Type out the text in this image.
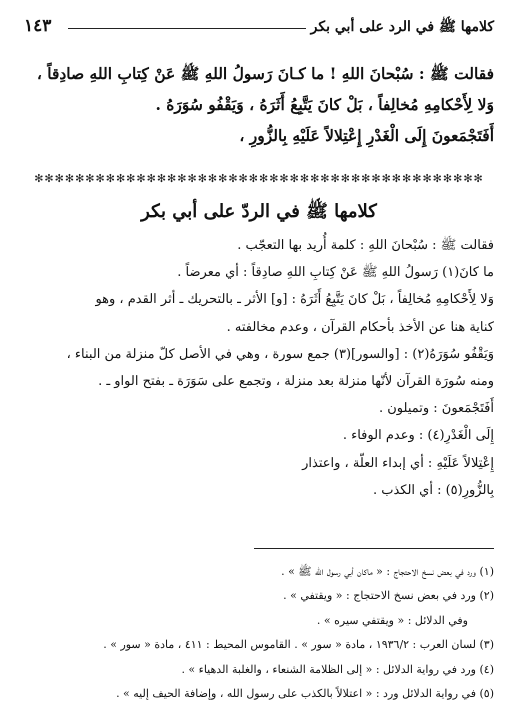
كلامها ﷺ في الرد على أبي بكر
١٤٣
فقالت ﷺ : سُبْحانَ اللهِ ! ما كـانَ رَسولُ اللهِ ﷺ عَنْ كِتابِ اللهِ صادِقاً ،
وَلا لِأَحْكامِهِ مُخالِفاً ، بَلْ كانَ يَتَّبِعُ أَثَرَهُ ، وَيَقْفُو سُوَرَهُ .
أَفَتَجْمَعونَ إِلَى الْغَدْرِ إِعْتِلالاً عَلَيْهِ بِالزُّورِ ،
✻✻✻✻✻✻✻✻✻✻✻✻✻✻✻✻✻✻✻✻✻✻✻✻✻✻✻✻✻✻✻✻✻✻✻✻✻✻✻✻✻✻✻✻
كلامها ﷺ في الردّ على أبي بكر
فقالت ﷺ : سُبْحانَ اللهِ : كلمة أُريد بها التعجّب .
ما كانَ(١) رَسولُ اللهِ ﷺ عَنْ كِتابِ اللهِ صادِقاً : أي معرضاً .
وَلا لِأَحْكامِهِ مُخالِفاً ، بَلْ كانَ يَتَّبِعُ أَثَرَهُ : [و] الأثر ـ بالتحريك ـ أثر القدم ، وهو
كناية هنا عن الأخذ بأحكام القرآن ، وعدم مخالفته .
وَيَقْفُو سُوَرَهُ(٢) : [والسور](٣) جمع سورة ، وهي في الأصل كلّ منزلة من البناء ،
ومنه سُورَة القرآن لأنّها منزلة بعد منزلة ، وتجمع على سَوَرَة ـ بفتح الواو ـ .
أَفَتَجْمَعونَ : وتميلون .
إِلَى الْغَدْرِ(٤) : وعدم الوفاء .
إِعْتِلالاً عَلَيْهِ : أي إبداء العلّة ، واعتذار
بِالزُّورِ(٥) : أي الكذب .
(١) ورد في بعض نسخ الاحتجاج : « ماكان أبي رسول الله ﷺ » .
(٢) ورد في بعض نسخ الاحتجاج : « ويقتفي » .
وفي الدلائل : « ويقتفي سيره » .
(٣) لسان العرب : ١٩٣٦/٢ ، مادة « سور » . القاموس المحيط : ٤١١ ، مادة « سور » .
(٤) ورد في رواية الدلائل : « إلى الظلامة الشنعاء ، والغلبة الدهياء » .
(٥) في رواية الدلائل ورد : « اعتلالاً بالكذب على رسول الله ، وإضافة الحيف إليه » .
